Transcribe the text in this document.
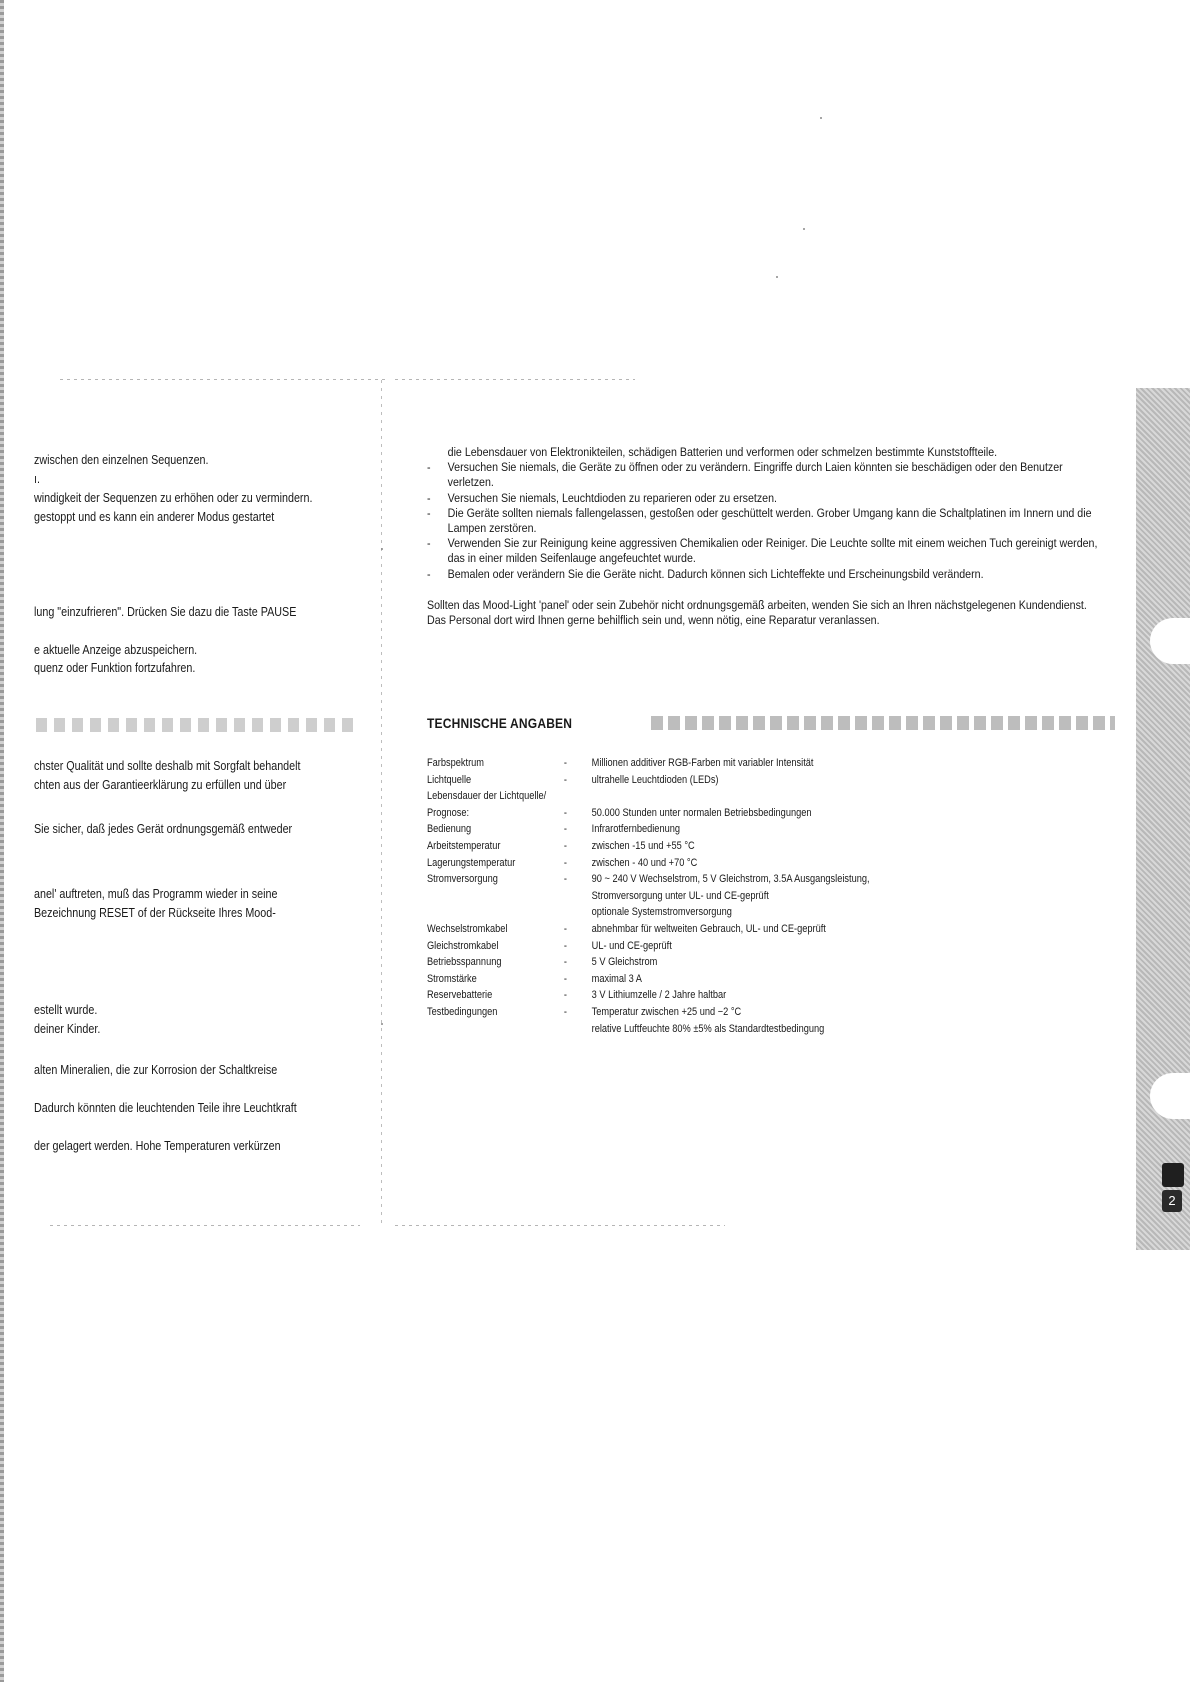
zwischen den einzelnen Sequenzen.
ı.
windigkeit der Sequenzen zu erhöhen oder zu vermindern.
gestoppt und es kann ein anderer Modus gestartet
lung "einzufrieren". Drücken Sie dazu die Taste PAUSE
e aktuelle Anzeige abzuspeichern.
quenz oder Funktion fortzufahren.
chster Qualität und sollte deshalb mit Sorgfalt behandelt
chten aus der Garantieerklärung zu erfüllen und über
Sie sicher, daß jedes Gerät ordnungsgemäß entweder
anel' auftreten, muß das Programm wieder in seine
Bezeichnung RESET of der Rückseite Ihres Mood-
estellt wurde.
deiner Kinder.
alten Mineralien, die zur Korrosion der Schaltkreise
Dadurch könnten die leuchtenden Teile ihre Leuchtkraft
der gelagert werden. Hohe Temperaturen verkürzen
die Lebensdauer von Elektronikteilen, schädigen Batterien und verformen oder schmelzen bestimmte Kunststoffteile.
- Versuchen Sie niemals, die Geräte zu öffnen oder zu verändern. Eingriffe durch Laien könnten sie beschädigen oder den Benutzer verletzen.
- Versuchen Sie niemals, Leuchtdioden zu reparieren oder zu ersetzen.
- Die Geräte sollten niemals fallengelassen, gestoßen oder geschüttelt werden. Grober Umgang kann die Schaltplatinen im Innern und die Lampen zerstören.
- Verwenden Sie zur Reinigung keine aggressiven Chemikalien oder Reiniger. Die Leuchte sollte mit einem weichen Tuch gereinigt werden, das in einer milden Seifenlauge angefeuchtet wurde.
- Bemalen oder verändern Sie die Geräte nicht. Dadurch können sich Lichteffekte und Erscheinungsbild verändern.

Sollten das Mood-Light 'panel' oder sein Zubehör nicht ordnungsgemäß arbeiten, wenden Sie sich an Ihren nächstgelegenen Kundendienst. Das Personal dort wird Ihnen gerne behilflich sein und, wenn nötig, eine Reparatur veranlassen.

TECHNISCHE ANGABEN
Farbspektrum	-	Millionen additiver RGB-Farben mit variabler Intensität
Lichtquelle	-	ultrahelle Leuchtdioden (LEDs)
Lebensdauer der Lichtquelle/
Prognose:	-	50.000 Stunden unter normalen Betriebsbedingungen
Bedienung	-	Infrarotfernbedienung
Arbeitstemperatur	-	zwischen -15 und +55 °C
Lagerungstemperatur	-	zwischen - 40 und +70 °C
Stromversorgung	-	90 ~ 240 V Wechselstrom, 5 V Gleichstrom, 3.5A Ausgangsleistung,
Stromversorgung unter UL- und CE-geprüft
optionale Systemstromversorgung
Wechselstromkabel	-	abnehmbar für weltweiten Gebrauch, UL- und CE-geprüft
Gleichstromkabel	-	UL- und CE-geprüft
Betriebsspannung	-	5 V Gleichstrom
Stromstärke	-	maximal 3 A
Reservebatterie	-	3 V Lithiumzelle / 2 Jahre haltbar
Testbedingungen	-	Temperatur zwischen +25 und −2 °C
relative Luftfeuchte 80% ±5% als Standardtestbedingung
2
